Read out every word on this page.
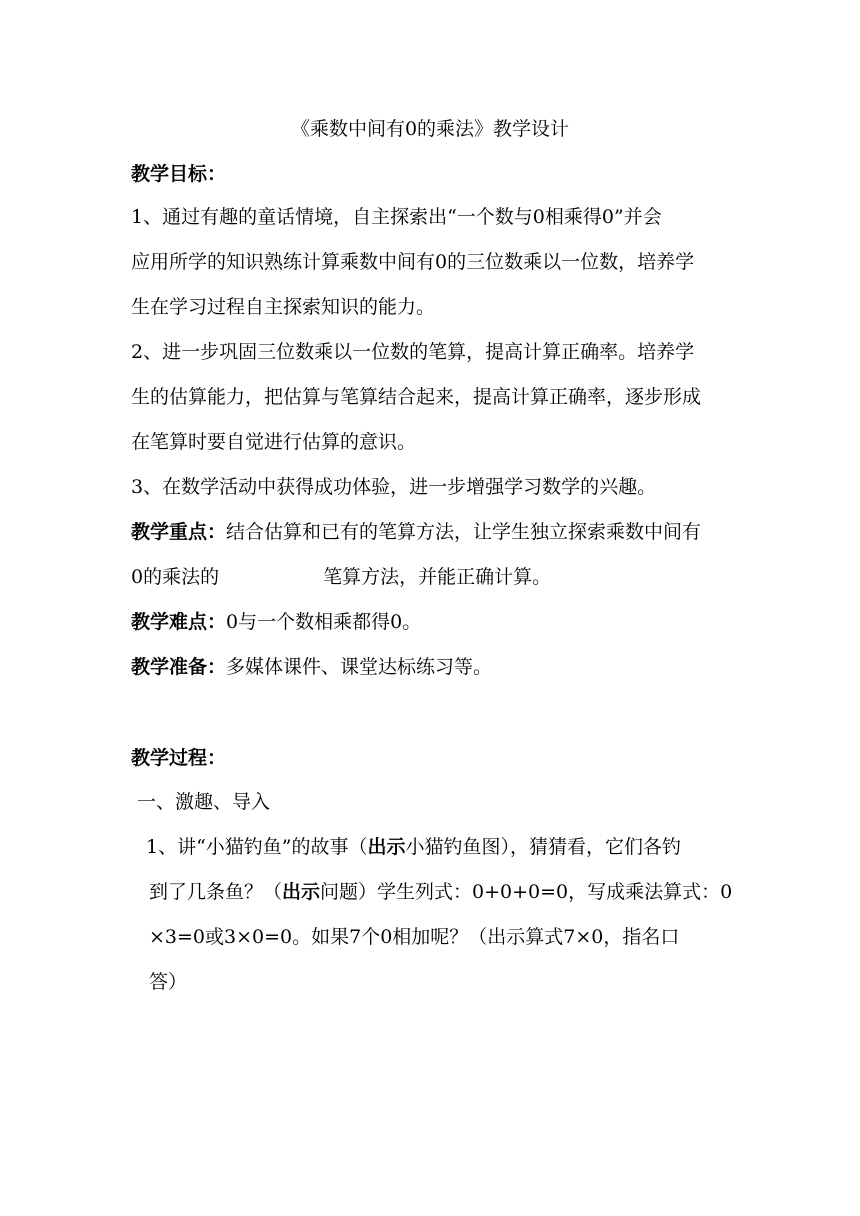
《乘数中间有0的乘法》教学设计
教学目标：
1、通过有趣的童话情境，自主探索出“一个数与0相乘得0”并会
应用所学的知识熟练计算乘数中间有0的三位数乘以一位数，培养学
生在学习过程自主探索知识的能力。
2、进一步巩固三位数乘以一位数的笔算，提高计算正确率。培养学
生的估算能力，把估算与笔算结合起来，提高计算正确率，逐步形成
在笔算时要自觉进行估算的意识。
3、在数学活动中获得成功体验，进一步增强学习数学的兴趣。
教学重点：结合估算和已有的笔算方法，让学生独立探索乘数中间有
0的乘法的	笔算方法，并能正确计算。
教学难点：0与一个数相乘都得0。
教学准备：多媒体课件、课堂达标练习等。
教学过程：
一、激趣、导入
1、讲“小猫钓鱼”的故事（出示小猫钓鱼图），猜猜看，它们各钓
到了几条鱼？（出示问题）学生列式：0+0+0=0，写成乘法算式：0
×3=0或3×0=0。如果7个0相加呢？（出示算式7×0，指名口
答）
